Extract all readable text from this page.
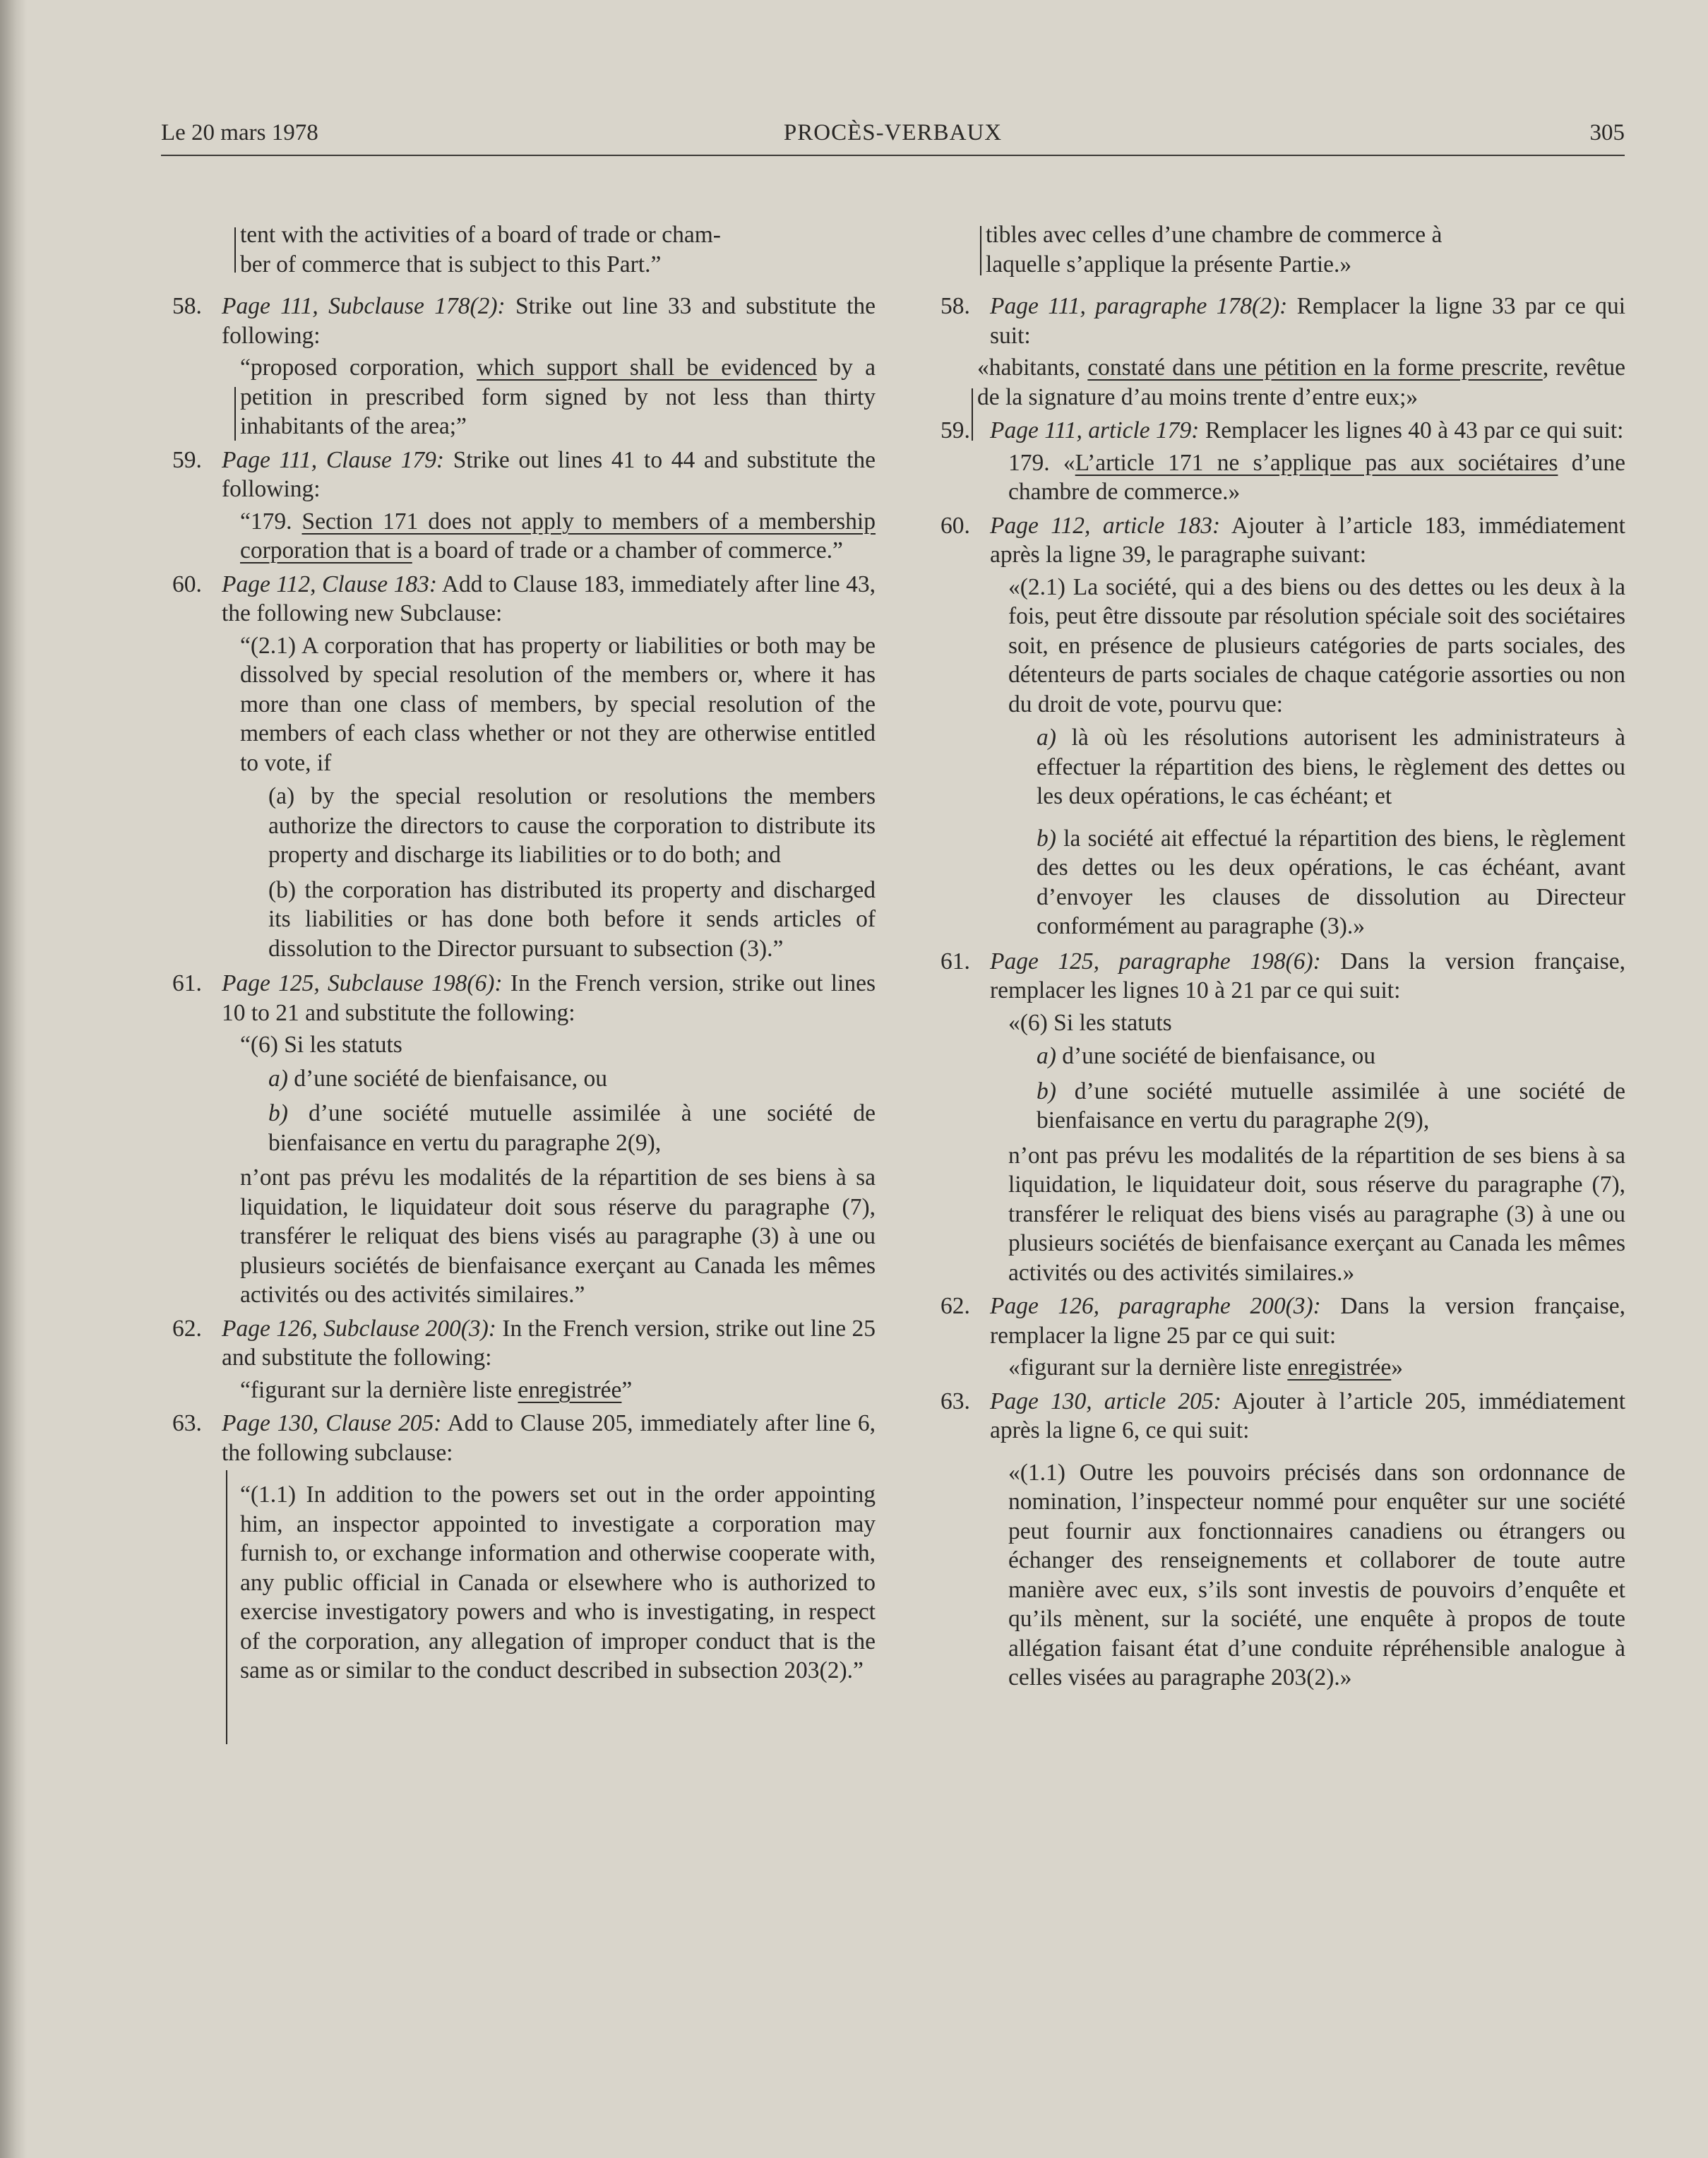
Le 20 mars 1978	PROCÈS-VERBAUX	305
tent with the activities of a board of trade or cham-
ber of commerce that is subject to this Part.”
58. Page 111, Subclause 178(2): Strike out line 33 and substitute the following:
“proposed corporation, which support shall be evidenced by a petition in prescribed form signed by not less than thirty inhabitants of the area;”
59. Page 111, Clause 179: Strike out lines 41 to 44 and substitute the following:
“179. Section 171 does not apply to members of a membership corporation that is a board of trade or a chamber of commerce.”
60. Page 112, Clause 183: Add to Clause 183, immediately after line 43, the following new Subclause:
“(2.1) A corporation that has property or liabilities or both may be dissolved by special resolution of the members or, where it has more than one class of members, by special resolution of the members of each class whether or not they are otherwise entitled to vote, if
(a) by the special resolution or resolutions the members authorize the directors to cause the corporation to distribute its property and discharge its liabilities or to do both; and
(b) the corporation has distributed its property and discharged its liabilities or has done both before it sends articles of dissolution to the Director pursuant to subsection (3).”
61. Page 125, Subclause 198(6): In the French version, strike out lines 10 to 21 and substitute the following:
“(6) Si les statuts
a) d’une société de bienfaisance, ou
b) d’une société mutuelle assimilée à une société de bienfaisance en vertu du paragraphe 2(9),
n’ont pas prévu les modalités de la répartition de ses biens à sa liquidation, le liquidateur doit sous réserve du paragraphe (7), transférer le reliquat des biens visés au paragraphe (3) à une ou plusieurs sociétés de bienfaisance exerçant au Canada les mêmes activités ou des activités similaires.”
62. Page 126, Subclause 200(3): In the French version, strike out line 25 and substitute the following:
“figurant sur la dernière liste enregistrée”
63. Page 130, Clause 205: Add to Clause 205, immediately after line 6, the following subclause:
“(1.1) In addition to the powers set out in the order appointing him, an inspector appointed to investigate a corporation may furnish to, or exchange information and otherwise cooperate with, any public official in Canada or elsewhere who is authorized to exercise investigatory powers and who is investigating, in respect of the corporation, any allegation of improper conduct that is the same as or similar to the conduct described in subsection 203(2).”
tibles avec celles d’une chambre de commerce à
laquelle s’applique la présente Partie.»
58. Page 111, paragraphe 178(2): Remplacer la ligne 33 par ce qui suit:
«habitants, constaté dans une pétition en la forme prescrite, revêtue de la signature d’au moins trente d’entre eux;»
59. Page 111, article 179: Remplacer les lignes 40 à 43 par ce qui suit:
179. «L’article 171 ne s’applique pas aux sociétaires d’une chambre de commerce.»
60. Page 112, article 183: Ajouter à l’article 183, immédiatement après la ligne 39, le paragraphe suivant:
«(2.1) La société, qui a des biens ou des dettes ou les deux à la fois, peut être dissoute par résolution spéciale soit des sociétaires soit, en présence de plusieurs catégories de parts sociales, des détenteurs de parts sociales de chaque catégorie assorties ou non du droit de vote, pourvu que:
a) là où les résolutions autorisent les administrateurs à effectuer la répartition des biens, le règlement des dettes ou les deux opérations, le cas échéant; et
b) la société ait effectué la répartition des biens, le règlement des dettes ou les deux opérations, le cas échéant, avant d’envoyer les clauses de dissolution au Directeur conformément au paragraphe (3).»
61. Page 125, paragraphe 198(6): Dans la version française, remplacer les lignes 10 à 21 par ce qui suit:
«(6) Si les statuts
a) d’une société de bienfaisance, ou
b) d’une société mutuelle assimilée à une société de bienfaisance en vertu du paragraphe 2(9),
n’ont pas prévu les modalités de la répartition de ses biens à sa liquidation, le liquidateur doit, sous réserve du paragraphe (7), transférer le reliquat des biens visés au paragraphe (3) à une ou plusieurs sociétés de bienfaisance exerçant au Canada les mêmes activités ou des activités similaires.»
62. Page 126, paragraphe 200(3): Dans la version française, remplacer la ligne 25 par ce qui suit:
«figurant sur la dernière liste enregistrée»
63. Page 130, article 205: Ajouter à l’article 205, immédiatement après la ligne 6, ce qui suit:
«(1.1) Outre les pouvoirs précisés dans son ordonnance de nomination, l’inspecteur nommé pour enquêter sur une société peut fournir aux fonctionnaires canadiens ou étrangers ou échanger des renseignements et collaborer de toute autre manière avec eux, s’ils sont investis de pouvoirs d’enquête et qu’ils mènent, sur la société, une enquête à propos de toute allégation faisant état d’une conduite répréhensible analogue à celles visées au paragraphe 203(2).»
